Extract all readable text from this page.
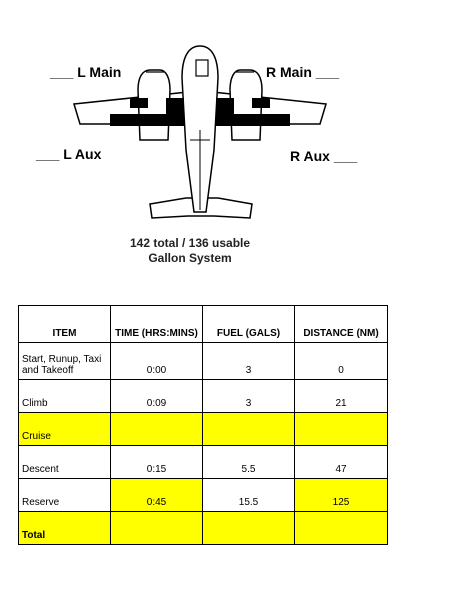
___ L Main	R Main ___
___ L Aux	R Aux ___
142 total / 136 usable
Gallon System
ITEM	TIME (HRS:MINS)	FUEL (GALS)	DISTANCE (NM)
Start, Runup, Taxi and Takeoff	0:00	3	0
Climb	0:09	3	21
Cruise			
Descent	0:15	5.5	47
Reserve	0:45	15.5	125
Total			
